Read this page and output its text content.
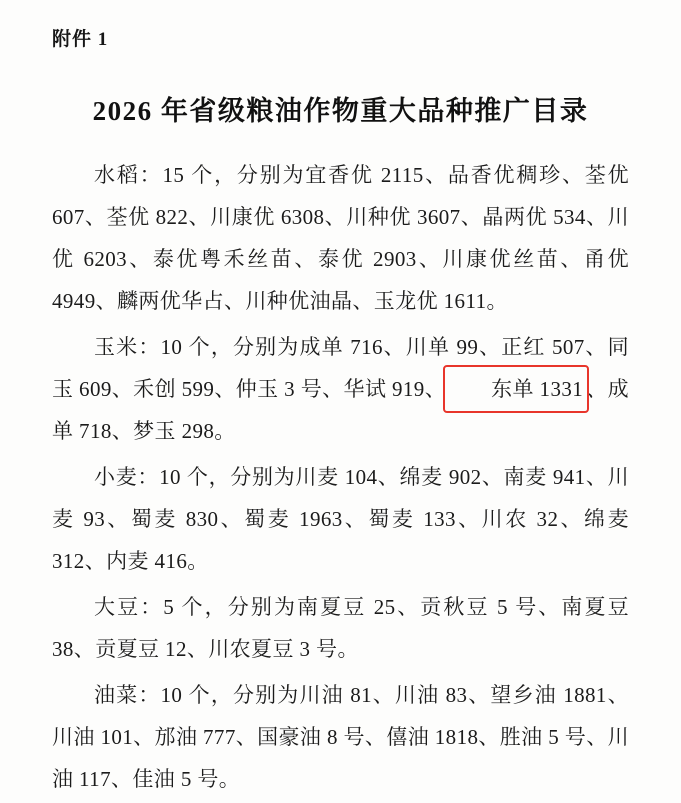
附件 1
2026 年省级粮油作物重大品种推广目录

水稻：15 个，分别为宜香优 2115、品香优稠珍、荃优 607、荃优 822、川康优 6308、川种优 3607、晶两优 534、川优 6203、泰优粤禾丝苗、泰优 2903、川康优丝苗、甬优 4949、麟两优华占、川种优油晶、玉龙优 1611。

玉米：10 个，分别为成单 716、川单 99、正红 507、同玉 609、禾创 599、仲玉 3 号、华试 919、 东单 1331 、成单 718、梦玉 298。

小麦：10 个，分别为川麦 104、绵麦 902、南麦 941、川麦 93、蜀麦 830、蜀麦 1963、蜀麦 133、川农 32、绵麦 312、内麦 416。

大豆：5 个，分别为南夏豆 25、贡秋豆 5 号、南夏豆 38、贡夏豆 12、川农夏豆 3 号。

油菜：10 个，分别为川油 81、川油 83、望乡油 1881、川油 101、邡油 777、国豪油 8 号、僖油 1818、胜油 5 号、川油 117、佳油 5 号。
